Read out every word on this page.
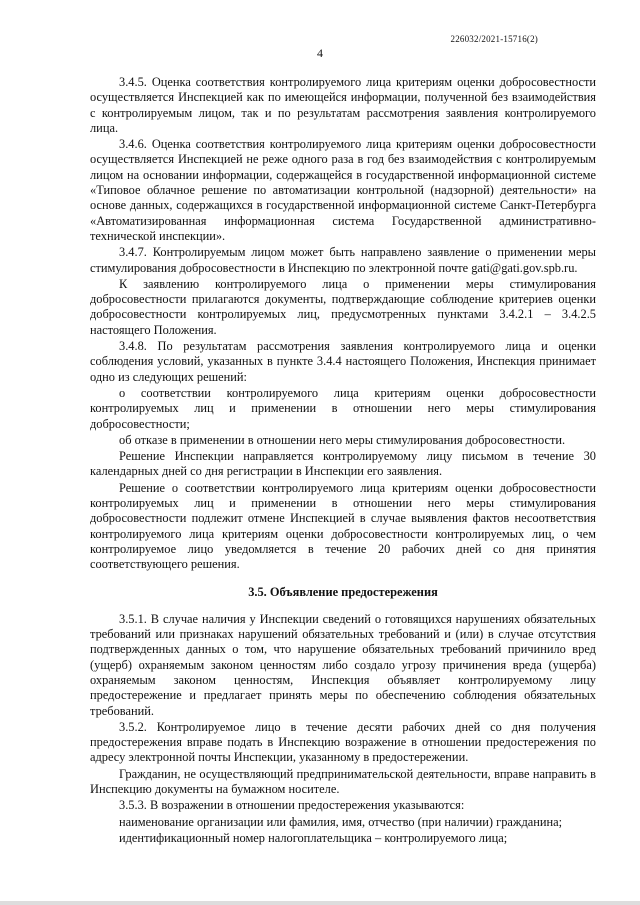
226032/2021-15716(2)
4

3.4.5. Оценка соответствия контролируемого лица критериям оценки добросовестности осуществляется Инспекцией как по имеющейся информации, полученной без взаимодействия с контролируемым лицом, так и по результатам рассмотрения заявления контролируемого лица.

3.4.6. Оценка соответствия контролируемого лица критериям оценки добросовестности осуществляется Инспекцией не реже одного раза в год без взаимодействия с контролируемым лицом на основании информации, содержащейся в государственной информационной системе «Типовое облачное решение по автоматизации контрольной (надзорной) деятельности» на основе данных, содержащихся в государственной информационной системе Санкт-Петербурга «Автоматизированная информационная система Государственной административно-технической инспекции».

3.4.7. Контролируемым лицом может быть направлено заявление о применении меры стимулирования добросовестности в Инспекцию по электронной почте gati@gati.gov.spb.ru.

К заявлению контролируемого лица о применении меры стимулирования добросовестности прилагаются документы, подтверждающие соблюдение критериев оценки добросовестности контролируемых лиц, предусмотренных пунктами 3.4.2.1 – 3.4.2.5 настоящего Положения.

3.4.8. По результатам рассмотрения заявления контролируемого лица и оценки соблюдения условий, указанных в пункте 3.4.4 настоящего Положения, Инспекция принимает одно из следующих решений:

о соответствии контролируемого лица критериям оценки добросовестности контролируемых лиц и применении в отношении него меры стимулирования добросовестности;

об отказе в применении в отношении него меры стимулирования добросовестности.

Решение Инспекции направляется контролируемому лицу письмом в течение 30 календарных дней со дня регистрации в Инспекции его заявления.

Решение о соответствии контролируемого лица критериям оценки добросовестности контролируемых лиц и применении в отношении него меры стимулирования добросовестности подлежит отмене Инспекцией в случае выявления фактов несоответствия контролируемого лица критериям оценки добросовестности контролируемых лиц, о чем контролируемое лицо уведомляется в течение 20 рабочих дней со дня принятия соответствующего решения.

3.5. Объявление предостережения

3.5.1. В случае наличия у Инспекции сведений о готовящихся нарушениях обязательных требований или признаках нарушений обязательных требований и (или) в случае отсутствия подтвержденных данных о том, что нарушение обязательных требований причинило вред (ущерб) охраняемым законом ценностям либо создало угрозу причинения вреда (ущерба) охраняемым законом ценностям, Инспекция объявляет контролируемому лицу предостережение и предлагает принять меры по обеспечению соблюдения обязательных требований.

3.5.2. Контролируемое лицо в течение десяти рабочих дней со дня получения предостережения вправе подать в Инспекцию возражение в отношении предостережения по адресу электронной почты Инспекции, указанному в предостережении.

Гражданин, не осуществляющий предпринимательской деятельности, вправе направить в Инспекцию документы на бумажном носителе.

3.5.3. В возражении в отношении предостережения указываются:

наименование организации или фамилия, имя, отчество (при наличии) гражданина;

идентификационный номер налогоплательщика – контролируемого лица;
